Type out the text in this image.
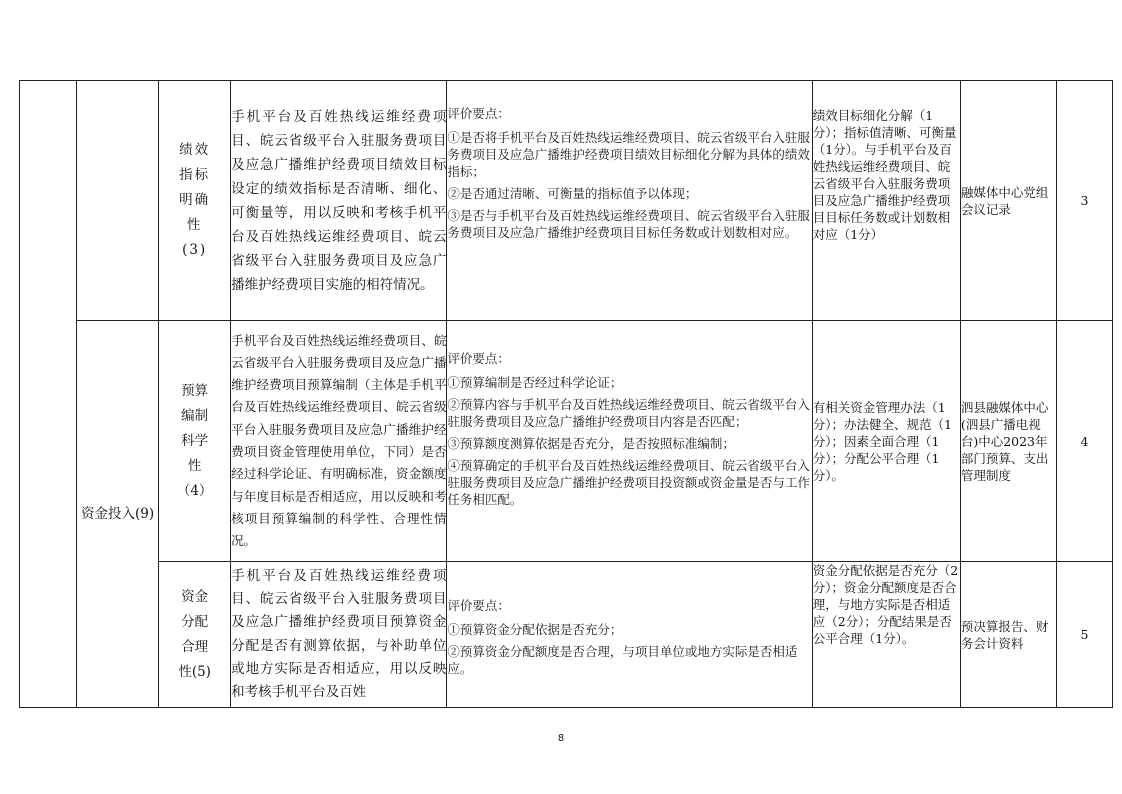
		绩效指标明确性(3)	手机平台及百姓热线运维经费项目、皖云省级平台入驻服务费项目及应急广播维护经费项目绩效目标设定的绩效指标是否清晰、细化、可衡量等，用以反映和考核手机平台及百姓热线运维经费项目、皖云省级平台入驻服务费项目及应急广播维护经费项目实施的相符情况。	评价要点：

①是否将手机平台及百姓热线运维经费项目、皖云省级平台入驻服务费项目及应急广播维护经费项目绩效目标细化分解为具体的绩效指标；

②是否通过清晰、可衡量的指标值予以体现；

③是否与手机平台及百姓热线运维经费项目、皖云省级平台入驻服务费项目及应急广播维护经费项目目标任务数或计划数相对应。	绩效目标细化分解（1分）；指标值清晰、可衡量（1分）。与手机平台及百姓热线运维经费项目、皖云省级平台入驻服务费项目及应急广播维护经费项目目标任务数或计划数相对应（1分）	融媒体中心党组会议记录	3
	资金投入(9)	预算编制科学性（4）	手机平台及百姓热线运维经费项目、皖云省级平台入驻服务费项目及应急广播维护经费项目预算编制（主体是手机平台及百姓热线运维经费项目、皖云省级平台入驻服务费项目及应急广播维护经费项目资金管理使用单位，下同）是否经过科学论证、有明确标准，资金额度与年度目标是否相适应，用以反映和考核项目预算编制的科学性、合理性情况。	评价要点：

①预算编制是否经过科学论证；

②预算内容与手机平台及百姓热线运维经费项目、皖云省级平台入驻服务费项目及应急广播维护经费项目内容是否匹配；

③预算额度测算依据是否充分，是否按照标准编制；

④预算确定的手机平台及百姓热线运维经费项目、皖云省级平台入驻服务费项目及应急广播维护经费项目投资额或资金量是否与工作任务相匹配。	有相关资金管理办法（1分）；办法健全、规范（1分）；因素全面合理（1分）；分配公平合理（1分）。	泗县融媒体中心(泗县广播电视台)中心2023年部门预算、支出管理制度	4

		资金分配合理性(5)	手机平台及百姓热线运维经费项目、皖云省级平台入驻服务费项目及应急广播维护经费项目预算资金分配是否有测算依据，与补助单位或地方实际是否相适应，用以反映和考核手机平台及百姓	评价要点：

①预算资金分配依据是否充分；

②预算资金分配额度是否合理，与项目单位或地方实际是否相适应。	资金分配依据是否充分（2分）；资金分配额度是否合理，与地方实际是否相适应（2分）；分配结果是否公平合理（1分）。	预决算报告、财务会计资料	5
8
